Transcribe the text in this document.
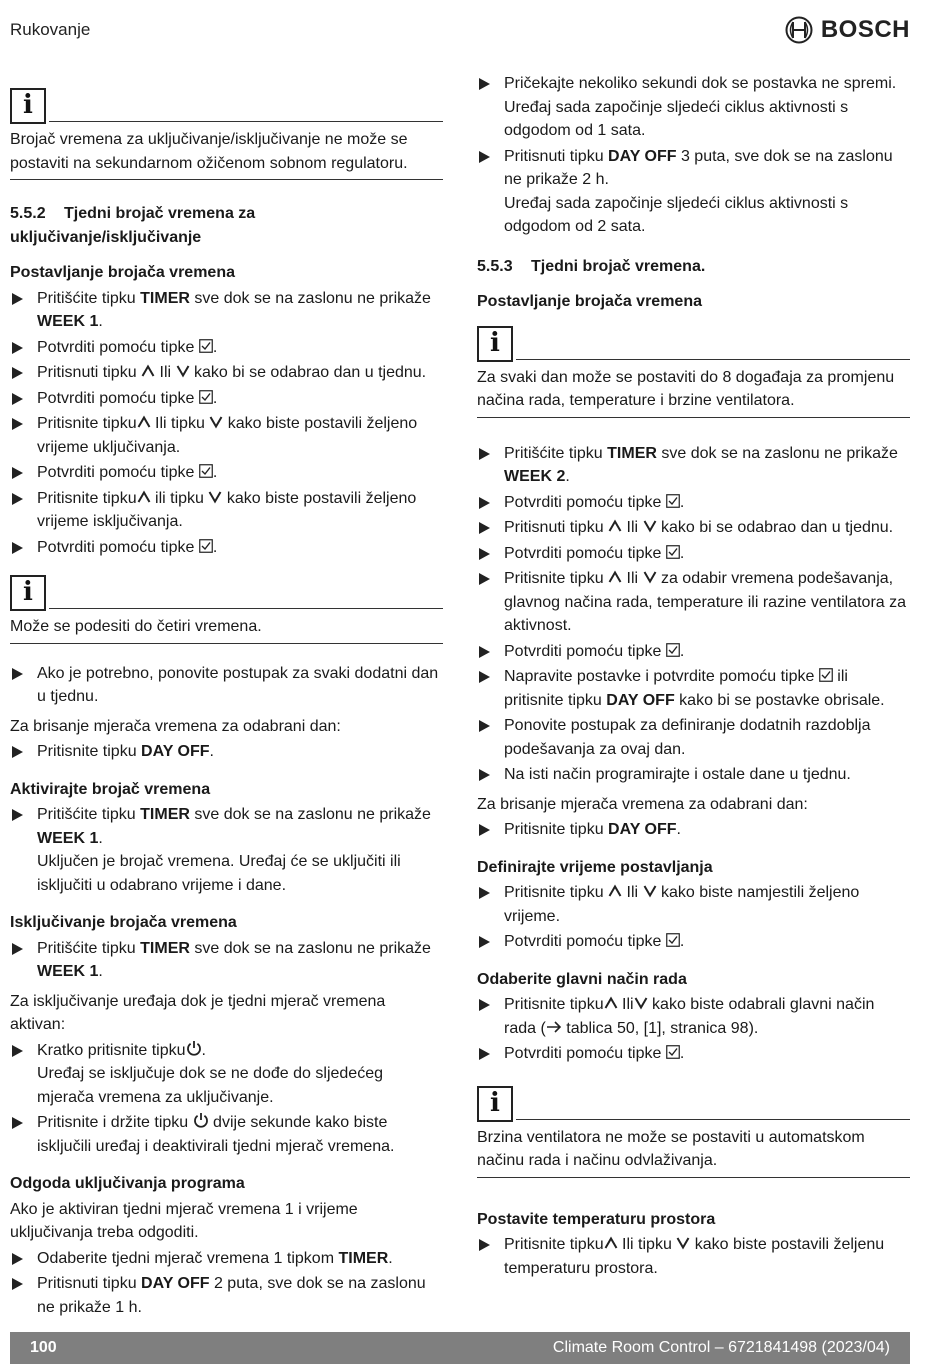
Rukovanje	BOSCH
i
Brojač vremena za uključivanje/isključivanje ne može se postaviti na sekundarnom ožičenom sobnom regulatoru.
5.5.2 Tjedni brojač vremena za uključivanje/isključivanje
Postavljanje brojača vremena
Pritišćite tipku TIMER sve dok se na zaslonu ne prikaže WEEK 1.
Potvrditi pomoću tipke .
Pritisnuti tipku  Ili  kako bi se odabrao dan u tjednu.
Potvrditi pomoću tipke .
Pritisnite tipku Ili tipku  kako biste postavili željeno vrijeme uključivanja.
Potvrditi pomoću tipke .
Pritisnite tipku ili tipku  kako biste postavili željeno vrijeme isključivanja.
Potvrditi pomoću tipke .
i
Može se podesiti do četiri vremena.
Ako je potrebno, ponovite postupak za svaki dodatni dan u tjednu.
Za brisanje mjerača vremena za odabrani dan:
Pritisnite tipku DAY OFF.
Aktivirajte brojač vremena
Pritišćite tipku TIMER sve dok se na zaslonu ne prikaže WEEK 1.
Uključen je brojač vremena. Uređaj će se uključiti ili isključiti u odabrano vrijeme i dane.
Isključivanje brojača vremena
Pritišćite tipku TIMER sve dok se na zaslonu ne prikaže WEEK 1.
Za isključivanje uređaja dok je tjedni mjerač vremena aktivan:
Kratko pritisnite tipku .
Uređaj se isključuje dok se ne dođe do sljedećeg mjerača vremena za uključivanje.
Pritisnite i držite tipku  dvije sekunde kako biste isključili uređaj i deaktivirali tjedni mjerač vremena.
Odgoda uključivanja programa
Ako je aktiviran tjedni mjerač vremena 1 i vrijeme uključivanja treba odgoditi.
Odaberite tjedni mjerač vremena 1 tipkom TIMER.
Pritisnuti tipku DAY OFF 2 puta, sve dok se na zaslonu ne prikaže 1 h.
Pričekajte nekoliko sekundi dok se postavka ne spremi.
Uređaj sada započinje sljedeći ciklus aktivnosti s odgodom od 1 sata.
Pritisnuti tipku DAY OFF 3 puta, sve dok se na zaslonu ne prikaže 2 h.
Uređaj sada započinje sljedeći ciklus aktivnosti s odgodom od 2 sata.
5.5.3 Tjedni brojač vremena.
Postavljanje brojača vremena
i
Za svaki dan može se postaviti do 8 događaja za promjenu načina rada, temperature i brzine ventilatora.
Pritišćite tipku TIMER sve dok se na zaslonu ne prikaže WEEK 2.
Potvrditi pomoću tipke .
Pritisnuti tipku  Ili  kako bi se odabrao dan u tjednu.
Potvrditi pomoću tipke .
Pritisnite tipku  Ili  za odabir vremena podešavanja, glavnog načina rada, temperature ili razine ventilatora za aktivnost.
Potvrditi pomoću tipke .
Napravite postavke i potvrdite pomoću tipke  ili pritisnite tipku DAY OFF kako bi se postavke obrisale.
Ponovite postupak za definiranje dodatnih razdoblja podešavanja za ovaj dan.
Na isti način programirajte i ostale dane u tjednu.
Za brisanje mjerača vremena za odabrani dan:
Pritisnite tipku DAY OFF.
Definirajte vrijeme postavljanja
Pritisnite tipku  Ili  kako biste namjestili željeno vrijeme.
Potvrditi pomoću tipke .
Odaberite glavni način rada
Pritisnite tipku Ili kako biste odabrali glavni način rada ( tablica 50, [1], stranica 98).
Potvrditi pomoću tipke .
i
Brzina ventilatora ne može se postaviti u automatskom načinu rada i načinu odvlaživanja.
Postavite temperaturu prostora
Pritisnite tipku Ili tipku  kako biste postavili željenu temperaturu prostora.
100	Climate Room Control – 6721841498 (2023/04)
